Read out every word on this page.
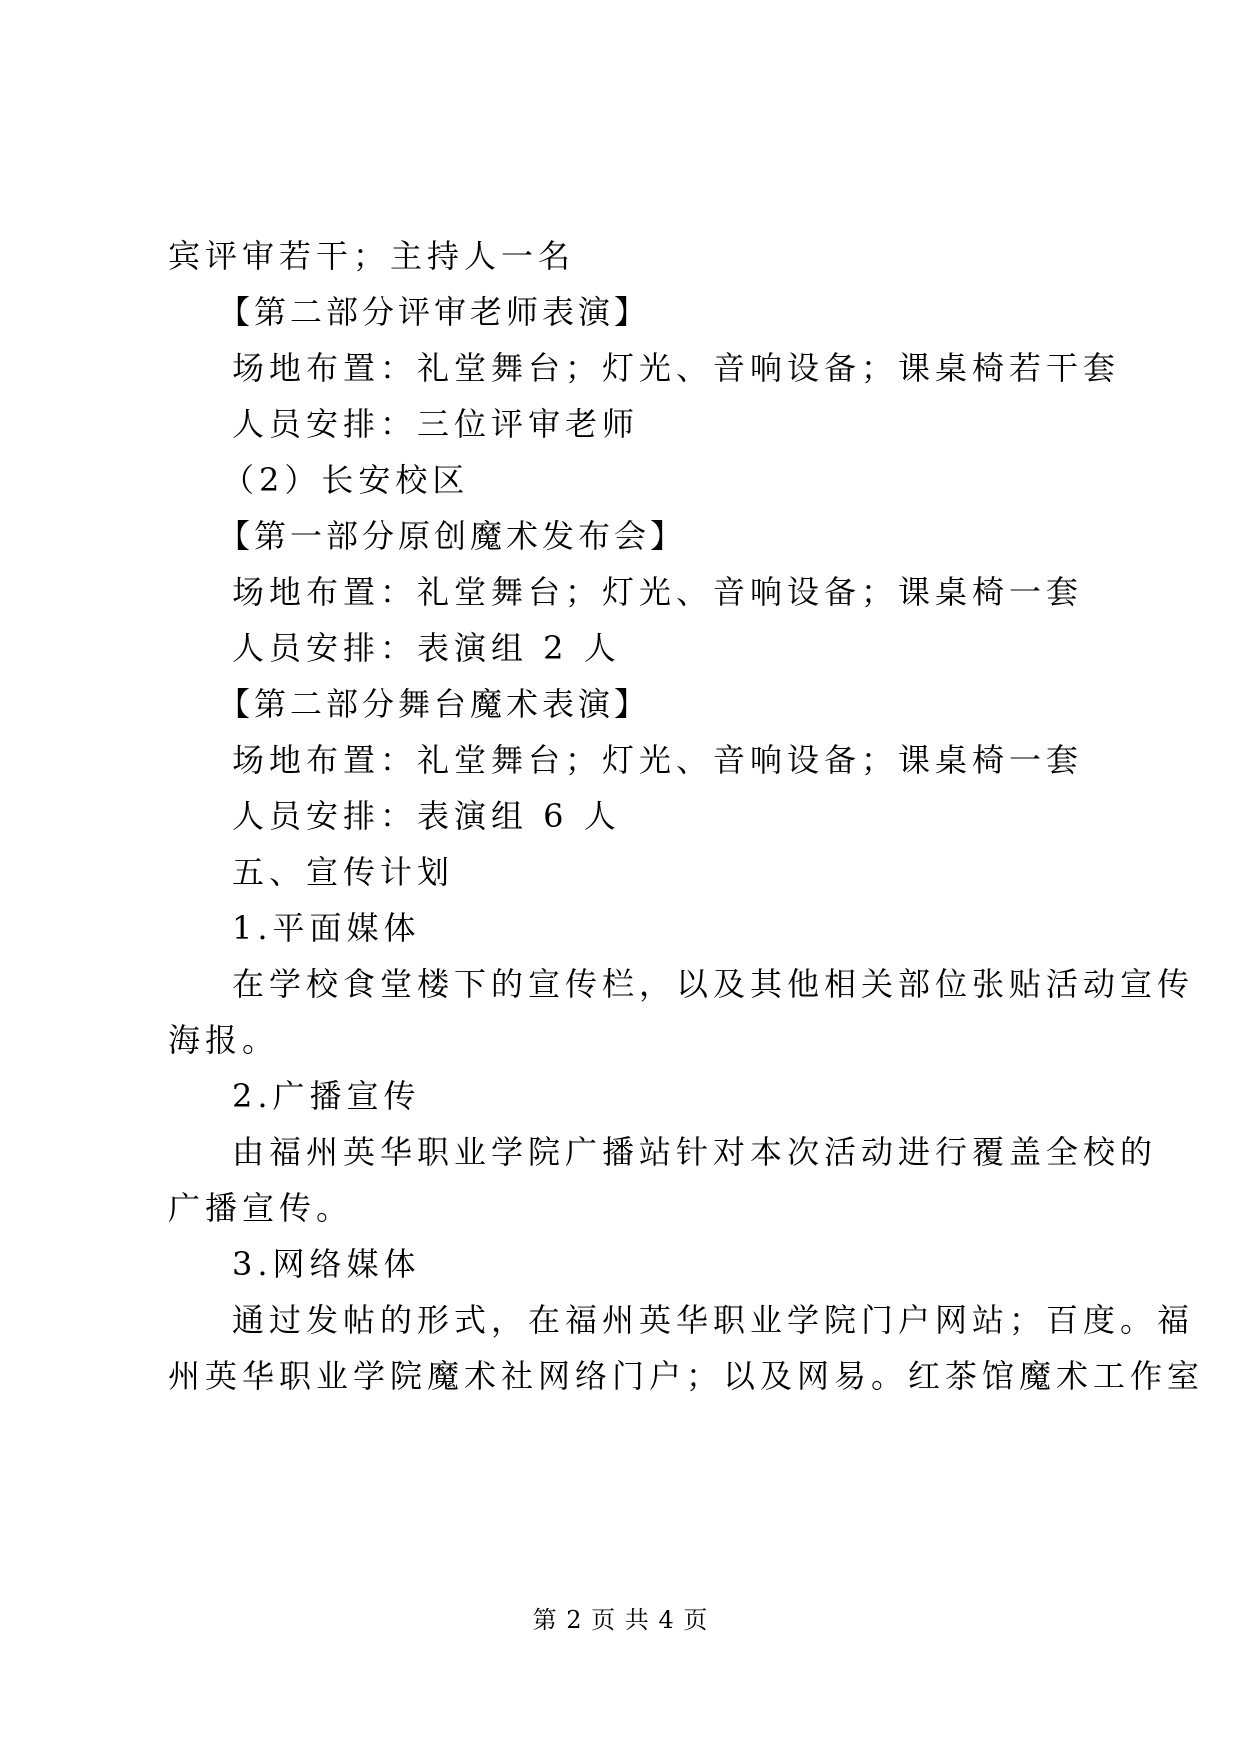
宾评审若干；主持人一名
【第二部分评审老师表演】
场地布置：礼堂舞台；灯光、音响设备；课桌椅若干套
人员安排：三位评审老师
（2）长安校区
【第一部分原创魔术发布会】
场地布置：礼堂舞台；灯光、音响设备；课桌椅一套
人员安排：表演组 2 人
【第二部分舞台魔术表演】
场地布置：礼堂舞台；灯光、音响设备；课桌椅一套
人员安排：表演组 6 人
五、宣传计划
1.平面媒体
在学校食堂楼下的宣传栏，以及其他相关部位张贴活动宣传
海报。
2.广播宣传
由福州英华职业学院广播站针对本次活动进行覆盖全校的
广播宣传。
3.网络媒体
通过发帖的形式，在福州英华职业学院门户网站；百度。福
州英华职业学院魔术社网络门户；以及网易。红茶馆魔术工作室
第 2 页 共 4 页
